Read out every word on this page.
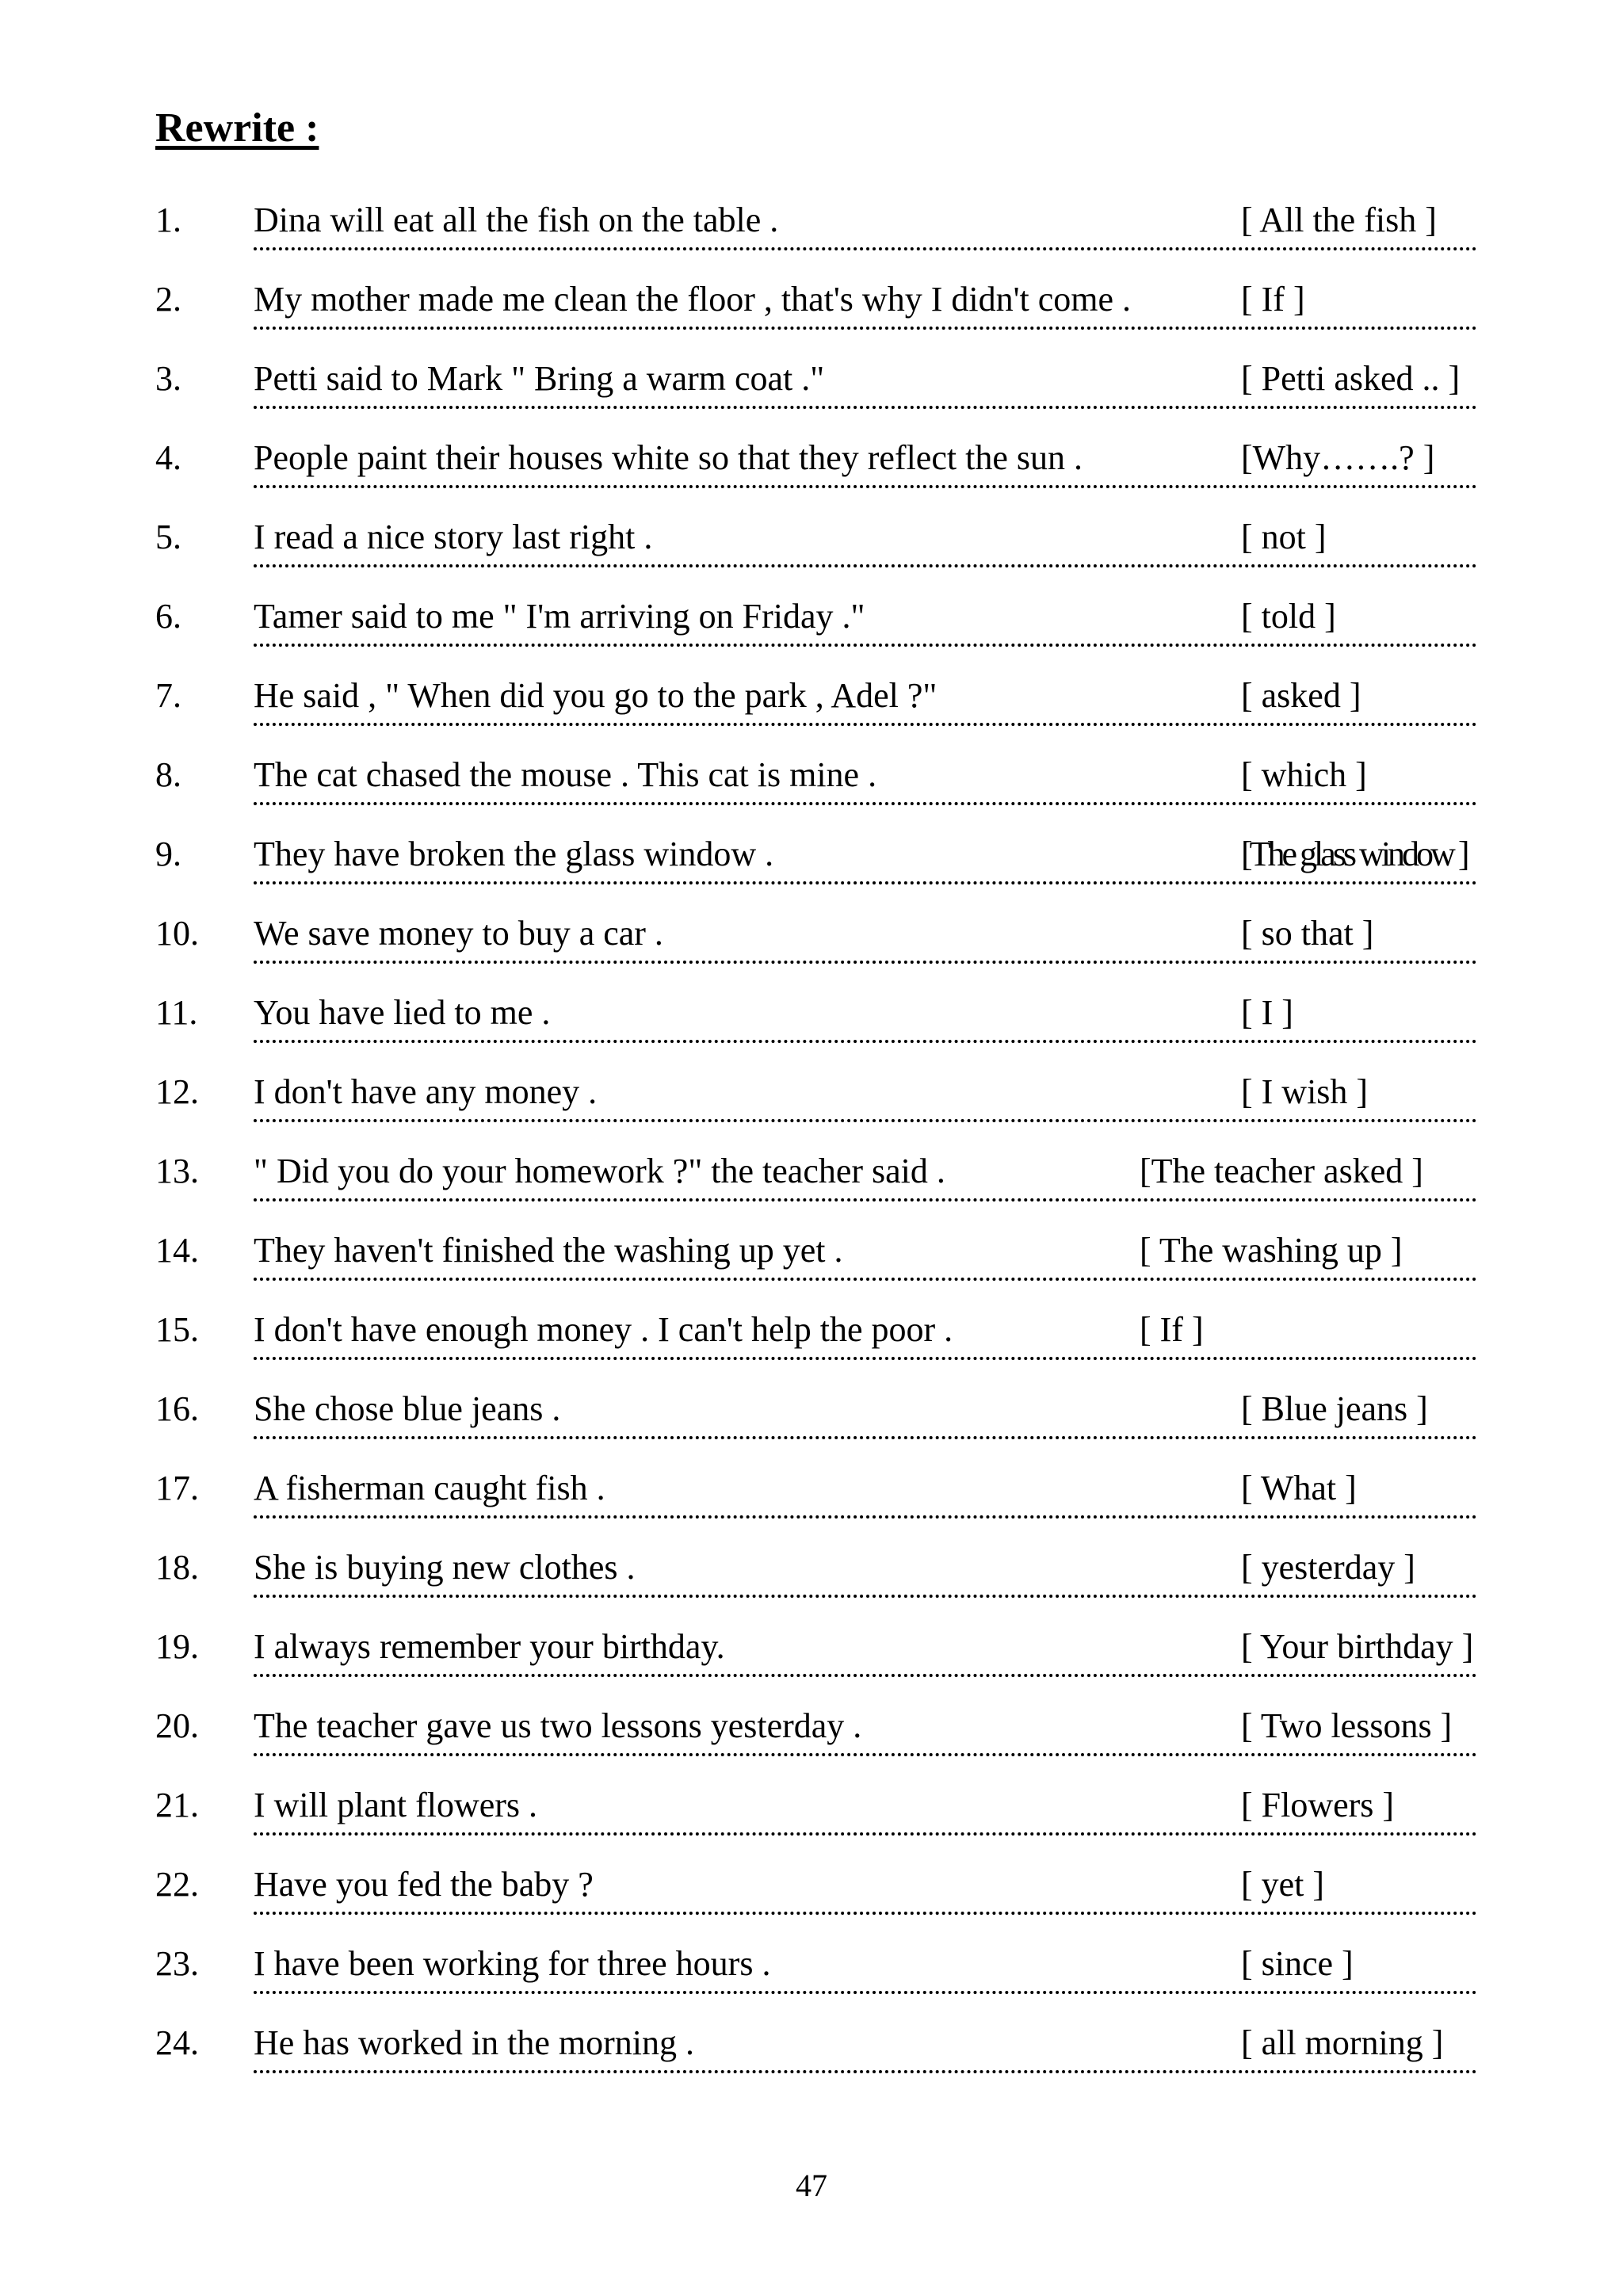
Rewrite :
1. Dina will eat all the fish on the table .	[ All the fish ]
2. My mother made me clean the floor , that's why I didn't come .	[ If ]
3. Petti said to Mark " Bring a warm coat ."	[ Petti asked .. ]
4. People paint their houses white so that they reflect the sun .	[Why…….? ]
5. I read a nice story last right .	[ not ]
6. Tamer said to me " I'm arriving on Friday ."	[ told ]
7. He said , " When did you go to the park , Adel ?"	[ asked ]
8. The cat chased the mouse . This cat is mine .	[ which ]
9. They have broken the glass window .	[The glass window ]
10. We save money to buy a car .	[ so that ]
11. You have lied to me .	[ I ]
12. I don't have any money .	[ I wish ]
13. " Did you do your homework ?" the teacher said .	[The teacher asked ]
14. They haven't finished the washing up yet .	[ The washing up ]
15. I don't have enough money . I can't help the poor .	[ If ]
16. She chose blue jeans .	[ Blue jeans ]
17. A fisherman caught fish .	[ What ]
18. She is buying new clothes .	[ yesterday ]
19. I always remember your birthday.	[ Your birthday ]
20. The teacher gave us two lessons yesterday .	[ Two lessons ]
21. I will plant flowers .	[ Flowers ]
22. Have you fed the baby ?	[ yet ]
23. I have been working for three hours .	[ since ]
24. He has worked in the morning .	[ all morning ]
47
